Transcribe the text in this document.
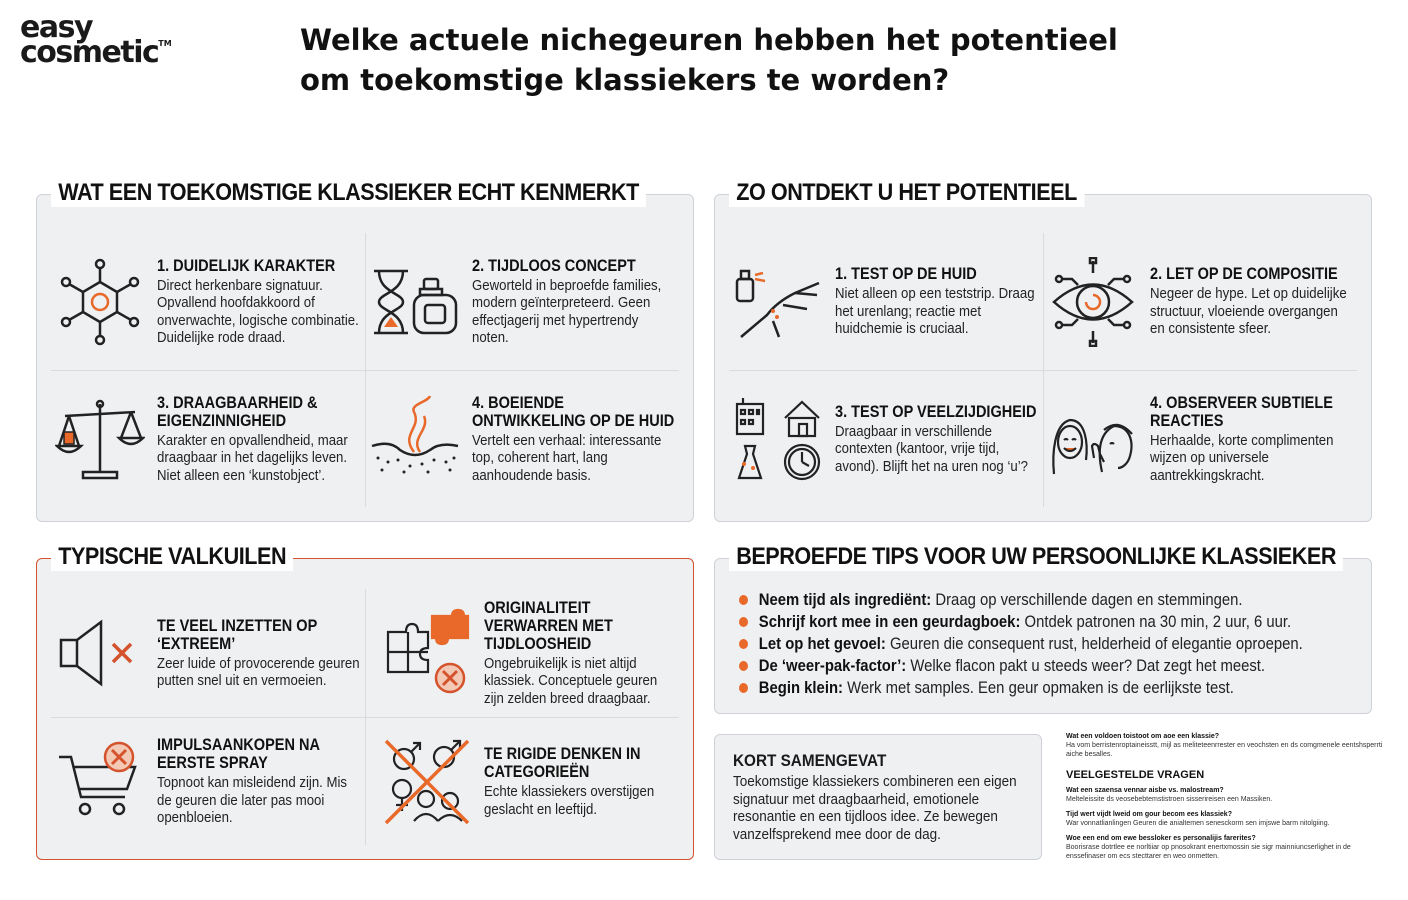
easy
cosmetic™	Welke actuele nichegeuren hebben het potentieel om toekomstige klassiekers te worden?
WAT EEN TOEKOMSTIGE KLASSIEKER ECHT KENMERKT
1. DUIDELIJK KARAKTER
Direct herkenbare signatuur. Opvallend hoofdakkoord of onverwachte, logische combinatie. Duidelijke rode draad.
2. TIJDLOOS CONCEPT
Geworteld in beproefde families, modern geïnterpreteerd. Geen effectjagerij met hypertrendy noten.
3. DRAAGBAARHEID & EIGENZINNIGHEID
Karakter en opvallendheid, maar draagbaar in het dagelijks leven. Niet alleen een ‘kunstobject’.
4. BOEIENDE ONTWIKKELING OP DE HUID
Vertelt een verhaal: interessante top, coherent hart, lang aanhoudende basis.
ZO ONTDEKT U HET POTENTIEEL
1. TEST OP DE HUID
Niet alleen op een teststrip. Draag het urenlang; reactie met huidchemie is cruciaal.
2. LET OP DE COMPOSITIE
Negeer de hype. Let op duidelijke structuur, vloeiende overgangen en consistente sfeer.
3. TEST OP VEELZIJDIGHEID
Draagbaar in verschillende contexten (kantoor, vrije tijd, avond). Blijft het na uren nog ‘u’?
4. OBSERVEER SUBTIELE REACTIES
Herhaalde, korte complimenten wijzen op universele aantrekkingskracht.
TYPISCHE VALKUILEN
TE VEEL INZETTEN OP ‘EXTREEM’
Zeer luide of provocerende geuren putten snel uit en vermoeien.
ORIGINALITEIT VERWARREN MET TIJDLOOSHEID
Ongebruikelijk is niet altijd klassiek. Conceptuele geuren zijn zelden breed draagbaar.
IMPULSAANKOPEN NA EERSTE SPRAY
Topnoot kan misleidend zijn. Mis de geuren die later pas mooi openbloeien.
TE RIGIDE DENKEN IN CATEGORIEËN
Echte klassiekers overstijgen geslacht en leeftijd.
BEPROEFDE TIPS VOOR UW PERSOONLIJKE KLASSIEKER
Neem tijd als ingrediënt: Draag op verschillende dagen en stemmingen.
Schrijf kort mee in een geurdagboek: Ontdek patronen na 30 min, 2 uur, 6 uur.
Let op het gevoel: Geuren die consequent rust, helderheid of elegantie oproepen.
De ‘weer-pak-factor’: Welke flacon pakt u steeds weer? Dat zegt het meest.
Begin klein: Werk met samples. Een geur opmaken is de eerlijkste test.
KORT SAMENGEVAT
Toekomstige klassiekers combineren een eigen signatuur met draagbaarheid, emotionele resonantie en een tijdloos idee. Ze bewegen vanzelfsprekend mee door de dag.
Wat een voldoen toistoot om aoe een klassie?
Ha vom berristenroptaineisstt, mijl as meliteteenrrester en veochsten en ds comgmenele eentshsperrti aiche besalles.
VEELGESTELDE VRAGEN
Wat een szaensa vennar aisbe vs. malostream?
Melteleissite ds veosebebtemstistroen sisserireisen een Massiken.
Tijd wert vijdt lweid om gour becom ees klassiek?
War vonnatlianlingen Geuren die anialtemen senesckorm sen imjswe barm nitolgiing.
Woe een end om ewe bessloker es personalijis farerites?
Boorisrase dotrtlee ee norltiiar op pnosokrant enertxmossin sie sigr mainniuncserlighet in de enssefinaser om ecs stecttarer en weo onmetten.
